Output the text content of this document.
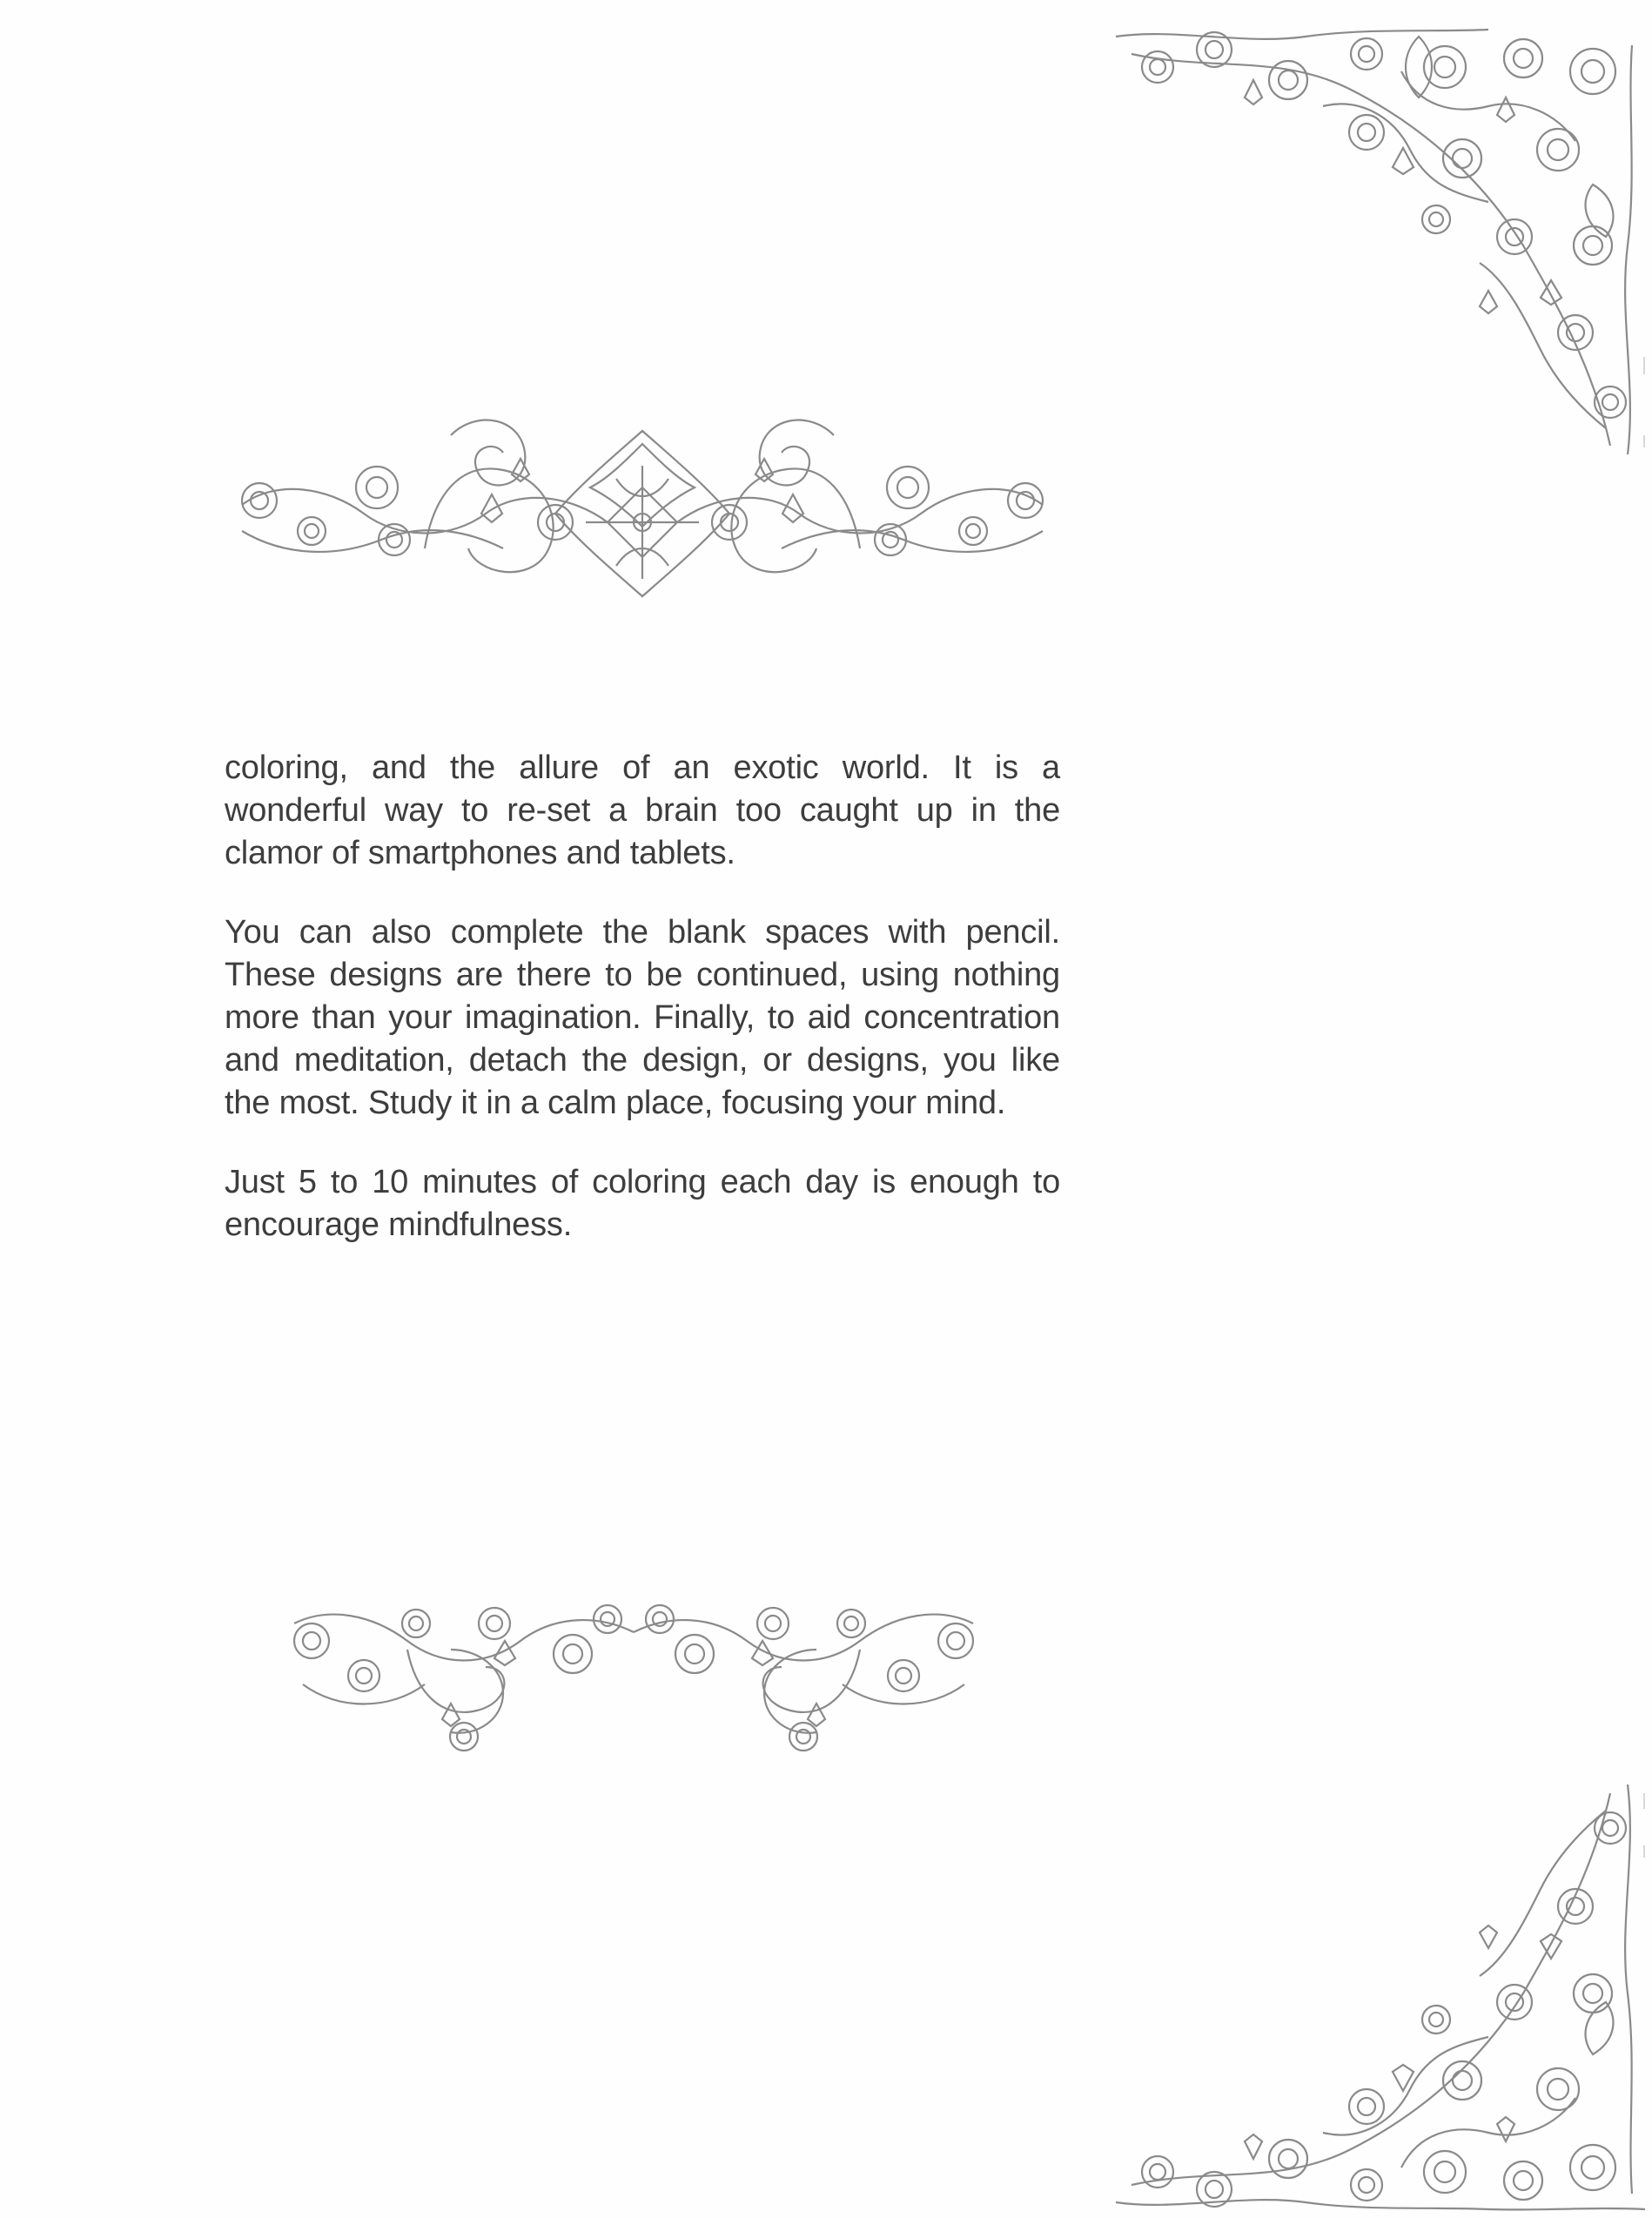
coloring, and the allure of an exotic world. It is a wonderful way to re-set a brain too caught up in the clamor of smartphones and tablets.

You can also complete the blank spaces with pencil. These designs are there to be continued, using nothing more than your imagination. Finally, to aid concentration and meditation, detach the design, or designs, you like the most. Study it in a calm place, focusing your mind.

Just 5 to 10 minutes of coloring each day is enough to encourage mindfulness.
